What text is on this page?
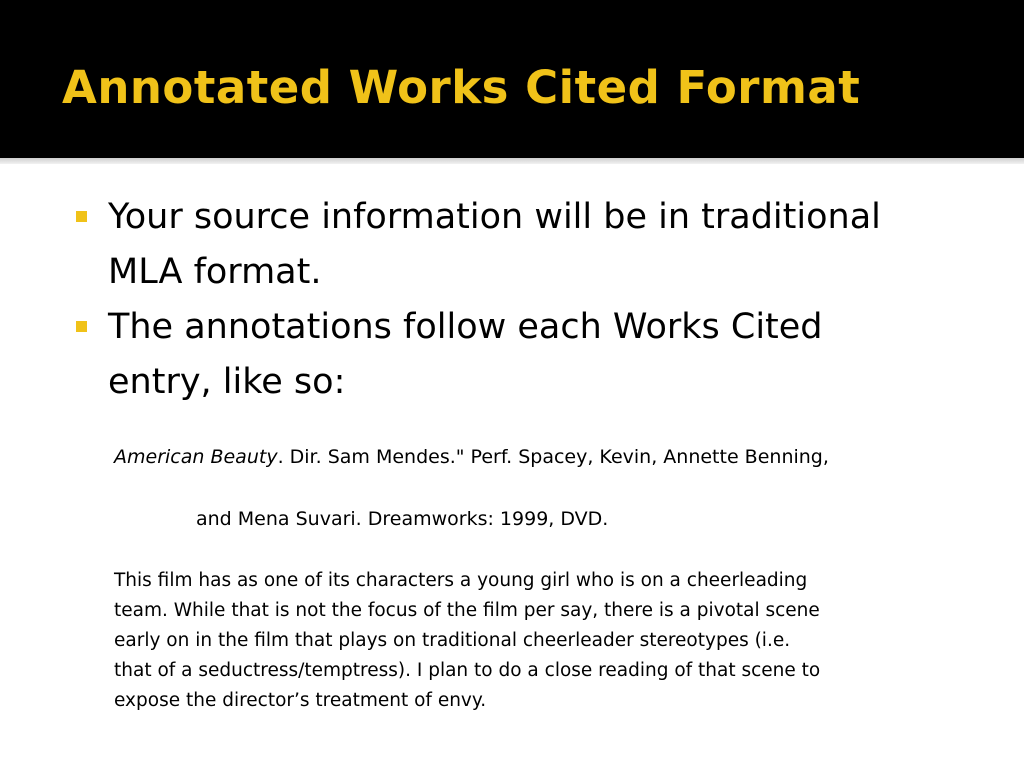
Annotated Works Cited Format
Your source information will be in traditional
MLA format.
The annotations follow each Works Cited
entry, like so:

American Beauty. Dir. Sam Mendes." Perf. Spacey, Kevin, Annette Benning,

and Mena Suvari. Dreamworks: 1999, DVD.

This film has as one of its characters a young girl who is on a cheerleading
team. While that is not the focus of the film per say, there is a pivotal scene
early on in the film that plays on traditional cheerleader stereotypes (i.e.
that of a seductress/temptress). I plan to do a close reading of that scene to
expose the director’s treatment of envy.
